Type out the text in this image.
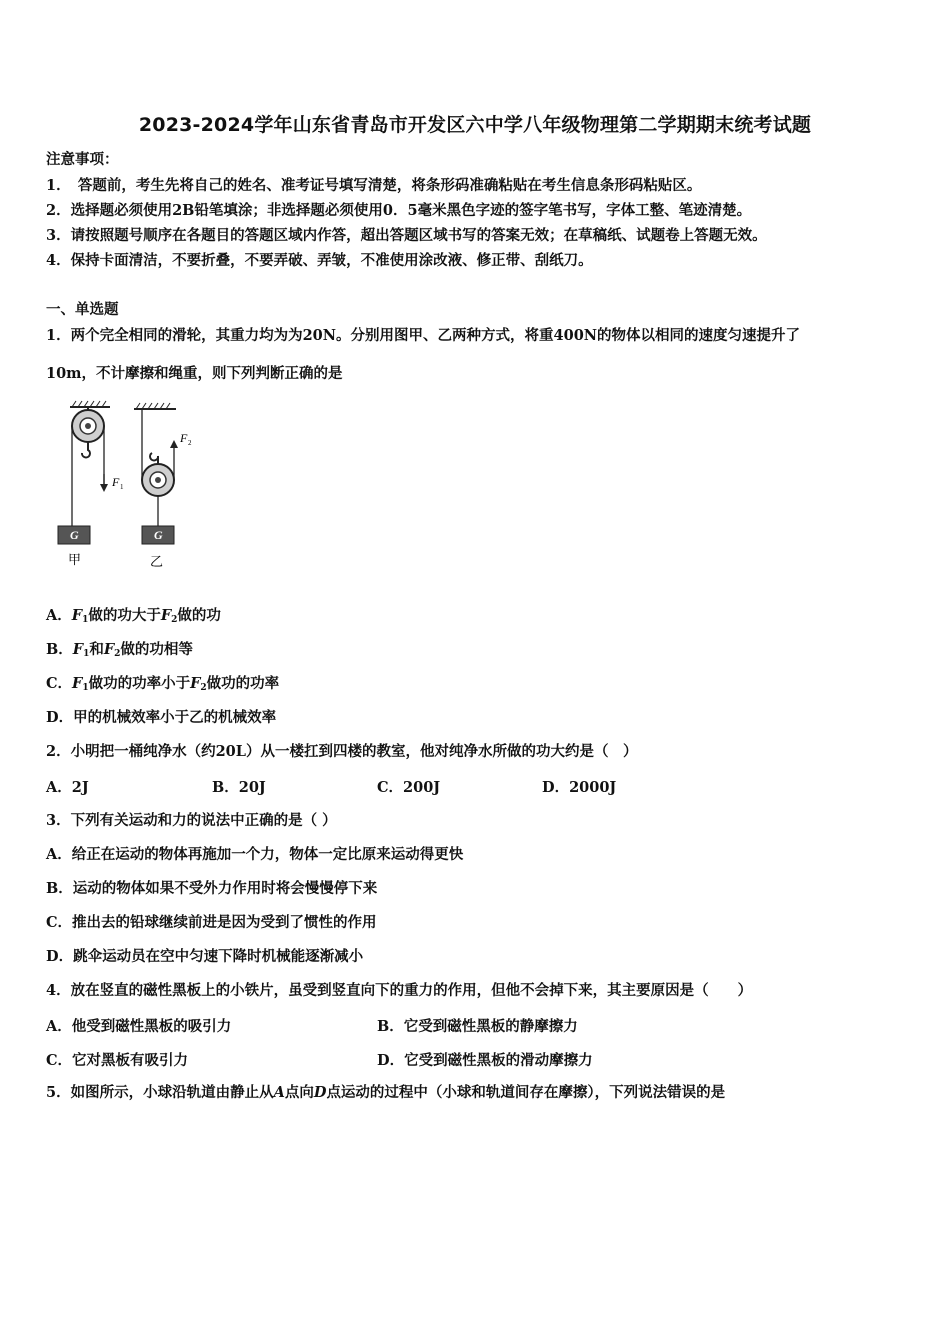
2023-2024学年山东省青岛市开发区六中学八年级物理第二学期期末统考试题
注意事项：
1．　答题前，考生先将自己的姓名、准考证号填写清楚，将条形码准确粘贴在考生信息条形码粘贴区。
2．选择题必须使用2B铅笔填涂；非选择题必须使用0．5毫米黑色字迹的签字笔书写，字体工整、笔迹清楚。
3．请按照题号顺序在各题目的答题区域内作答，超出答题区域书写的答案无效；在草稿纸、试题卷上答题无效。
4．保持卡面清洁，不要折叠，不要弄破、弄皱，不准使用涂改液、修正带、刮纸刀。
一、单选题
1．两个完全相同的滑轮，其重力均为为20N。分别用图甲、乙两种方式，将重400N的物体以相同的速度匀速提升了
10m，不计摩擦和绳重，则下列判断正确的是
F 1
G
甲
F 2
G
乙
A．$F_1$做的功大于$F_2$做的功
B．$F_1$和$F_2$做的功相等
C．$F_1$做功的功率小于$F_2$做功的功率
D．甲的机械效率小于乙的机械效率
2．小明把一桶纯净水（约20L）从一楼扛到四楼的教室，他对纯净水所做的功大约是（　）
A．2J	B．20J	C．200J	D．2000J
3．下列有关运动和力的说法中正确的是（ ）
A．给正在运动的物体再施加一个力，物体一定比原来运动得更快
B．运动的物体如果不受外力作用时将会慢慢停下来
C．推出去的铅球继续前进是因为受到了惯性的作用
D．跳伞运动员在空中匀速下降时机械能逐渐减小
4．放在竖直的磁性黑板上的小铁片，虽受到竖直向下的重力的作用，但他不会掉下来，其主要原因是（　　）
A．他受到磁性黑板的吸引力	B．它受到磁性黑板的静摩擦力
C．它对黑板有吸引力	D．它受到磁性黑板的滑动摩擦力
5．如图所示，小球沿轨道由静止从A点向D点运动的过程中（小球和轨道间存在摩擦），下列说法错误的是
